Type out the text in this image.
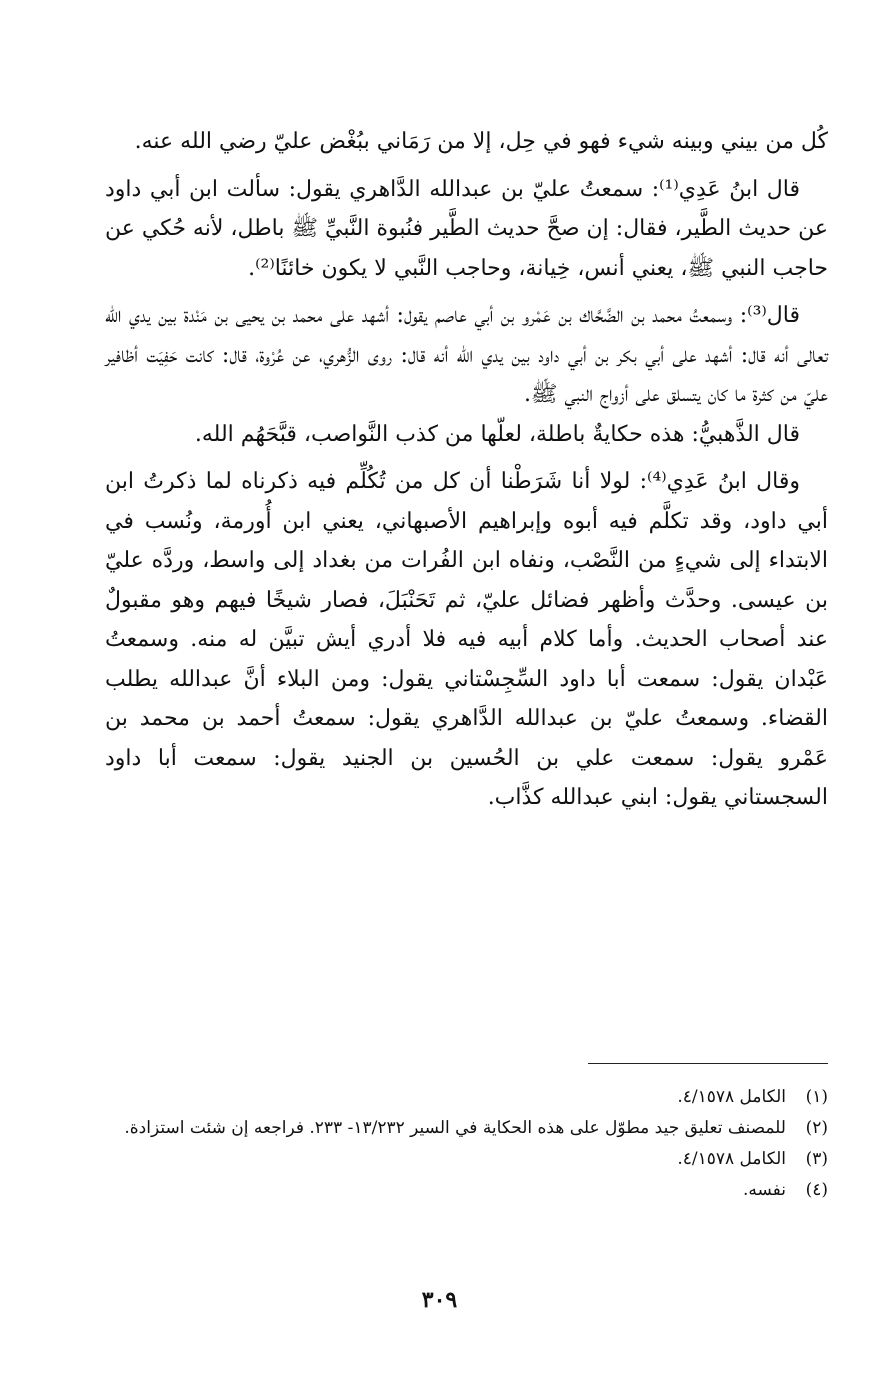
كُل من بيني وبينه شيء فهو في حِل، إلا من رَمَاني ببُغْض عليّ رضي الله عنه.

قال ابنُ عَدِي⁽¹⁾: سمعتُ عليّ بن عبدالله الدَّاهري يقول: سألت ابن أبي داود عن حديث الطَّير، فقال: إن صحَّ حديث الطَّير فنُبوة النَّبيِّ ﷺ باطل، لأنه حُكي عن حاجب النبي ﷺ، يعني أنس، خِيانة، وحاجب النَّبي لا يكون خائنًا⁽²⁾.

قال⁽³⁾: وسمعتُ محمد بن الضَّحَّاك بن عَمْرو بن أبي عاصم يقول: أشهد على محمد بن يحيى بن مَنْدة بين يدي الله تعالى أنه قال: أشهد على أبي بكر بن أبي داود بين يدي الله أنه قال: روى الزُّهري، عن عُرْوة، قال: كانت حَفِيَت أظافير عليّ من كثرة ما كان يتسلق على أزواج النبي ﷺ.

قال الذَّهبيُّ: هذه حكايةٌ باطلة، لعلّها من كذب النَّواصب، قبَّحَهُم الله.

وقال ابنُ عَدِي⁽⁴⁾: لولا أنا شَرَطْنا أن كل من تُكُلِّم فيه ذكرناه لما ذكرتُ ابن أبي داود، وقد تكلَّم فيه أبوه وإبراهيم الأصبهاني، يعني ابن أُورمة، ونُسب في الابتداء إلى شيءٍ من النَّصْب، ونفاه ابن الفُرات من بغداد إلى واسط، وردَّه عليّ بن عيسى. وحدَّث وأظهر فضائل عليّ، ثم تَحَنْبَلَ، فصار شيخًا فيهم وهو مقبولٌ عند أصحاب الحديث. وأما كلام أبيه فيه فلا أدري أيش تبيَّن له منه. وسمعتُ عَبْدان يقول: سمعت أبا داود السِّجِسْتاني يقول: ومن البلاء أنَّ عبدالله يطلب القضاء. وسمعتُ عليّ بن عبدالله الدَّاهري يقول: سمعتُ أحمد بن محمد بن عَمْرو يقول: سمعت علي بن الحُسين بن الجنيد يقول: سمعت أبا داود السجستاني يقول: ابني عبدالله كذَّاب.

(١)
الكامل ٤/١٥٧٨.
(٢)
للمصنف تعليق جيد مطوّل على هذه الحكاية في السير ١٣/٢٣٢- ٢٣٣. فراجعه إن شئت استزادة.
(٣)
الكامل ٤/١٥٧٨.
(٤)
نفسه.
٣٠٩
